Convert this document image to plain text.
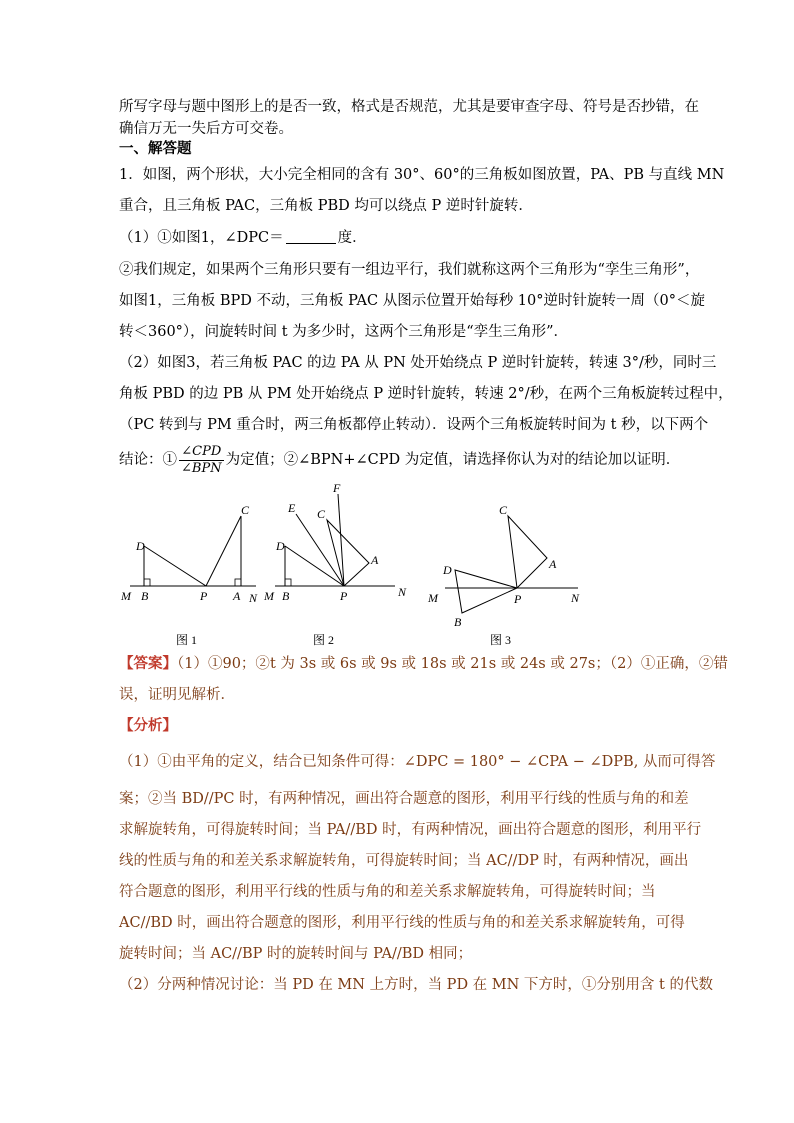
所写字母与题中图形上的是否一致，格式是否规范，尤其是要审查字母、符号是否抄错，在
确信万无一失后方可交卷。
一、解答题
1．如图，两个形状，大小完全相同的含有 30°、60°的三角板如图放置，PA、PB 与直线 MN
重合，且三角板 PAC，三角板 PBD 均可以绕点 P 逆时针旋转．
（1）①如图1，∠DPC＝	度．
②我们规定，如果两个三角形只要有一组边平行，我们就称这两个三角形为“孪生三角形”，
如图1，三角板 BPD 不动，三角板 PAC 从图示位置开始每秒 10°逆时针旋转一周（0°＜旋
转＜360°），问旋转时间 t 为多少时，这两个三角形是“孪生三角形”．
（2）如图3，若三角板 PAC 的边 PA 从 PN 处开始绕点 P 逆时针旋转，转速 3°/秒，同时三
角板 PBD 的边 PB 从 PM 处开始绕点 P 逆时针旋转，转速 2°/秒，在两个三角板旋转过程中，
（PC 转到与 PM 重合时，两三角板都停止转动）．设两个三角板旋转时间为 t 秒，以下两个
结论：① $\frac{\text{∠CPD}}{\text{∠BPN}}$ 为定值；②∠BPN+∠CPD 为定值，请选择你认为对的结论加以证明．
C
D
M B	P A N
图 1
F
E C
D
A
M B	P	N
图 2
C
D	A
M	P	N
B
图 3
【答案】（1）①90；②t 为 3s 或 6s 或 9s 或 18s 或 21s 或 24s 或 27s；（2）①正确，②错
误，证明见解析．
【分析】
（1）①由平角的定义，结合已知条件可得：∠DPC = 180° − ∠CPA − ∠DPB, 从而可得答
案；②当 BD//PC 时，有两种情况，画出符合题意的图形，利用平行线的性质与角的和差
求解旋转角，可得旋转时间；当 PA//BD 时，有两种情况，画出符合题意的图形，利用平行
线的性质与角的和差关系求解旋转角，可得旋转时间；当 AC//DP 时，有两种情况，画出
符合题意的图形，利用平行线的性质与角的和差关系求解旋转角，可得旋转时间；当
AC//BD 时，画出符合题意的图形，利用平行线的性质与角的和差关系求解旋转角，可得
旋转时间；当 AC//BP 时的旋转时间与 PA//BD 相同；
（2）分两种情况讨论：当 PD 在 MN 上方时，当 PD 在 MN 下方时，①分别用含 t 的代数
